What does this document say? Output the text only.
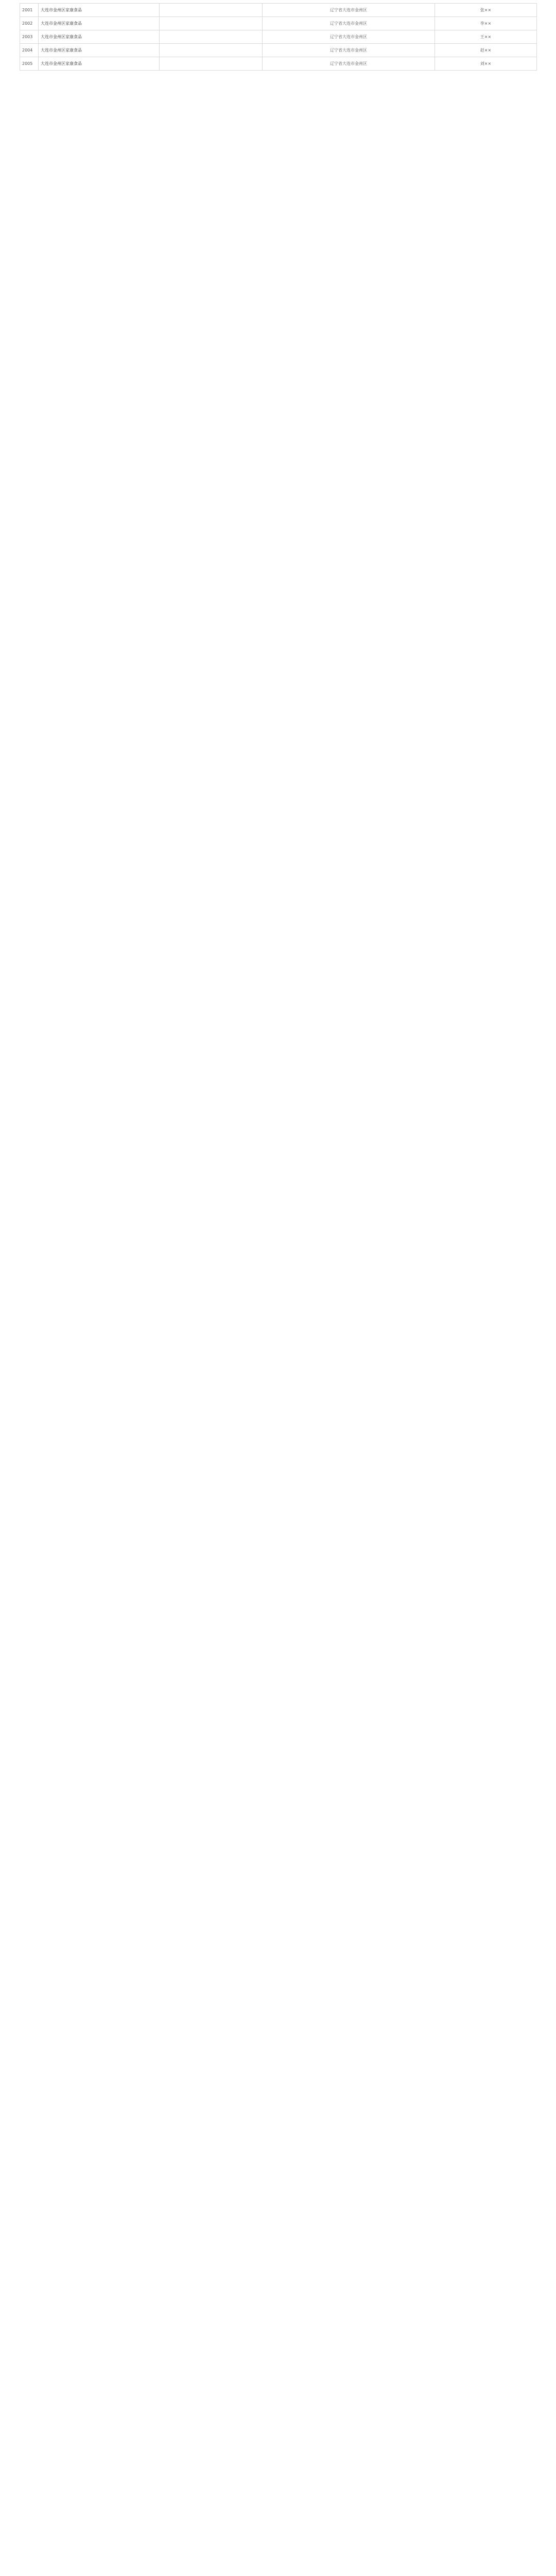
2001	大连市金州区家康食品		辽宁省大连市金州区	张××
2002	大连市金州区家康食品		辽宁省大连市金州区	李××
2003	大连市金州区家康食品		辽宁省大连市金州区	王××
2004	大连市金州区家康食品		辽宁省大连市金州区	赵××
2005	大连市金州区家康食品		辽宁省大连市金州区	刘××
